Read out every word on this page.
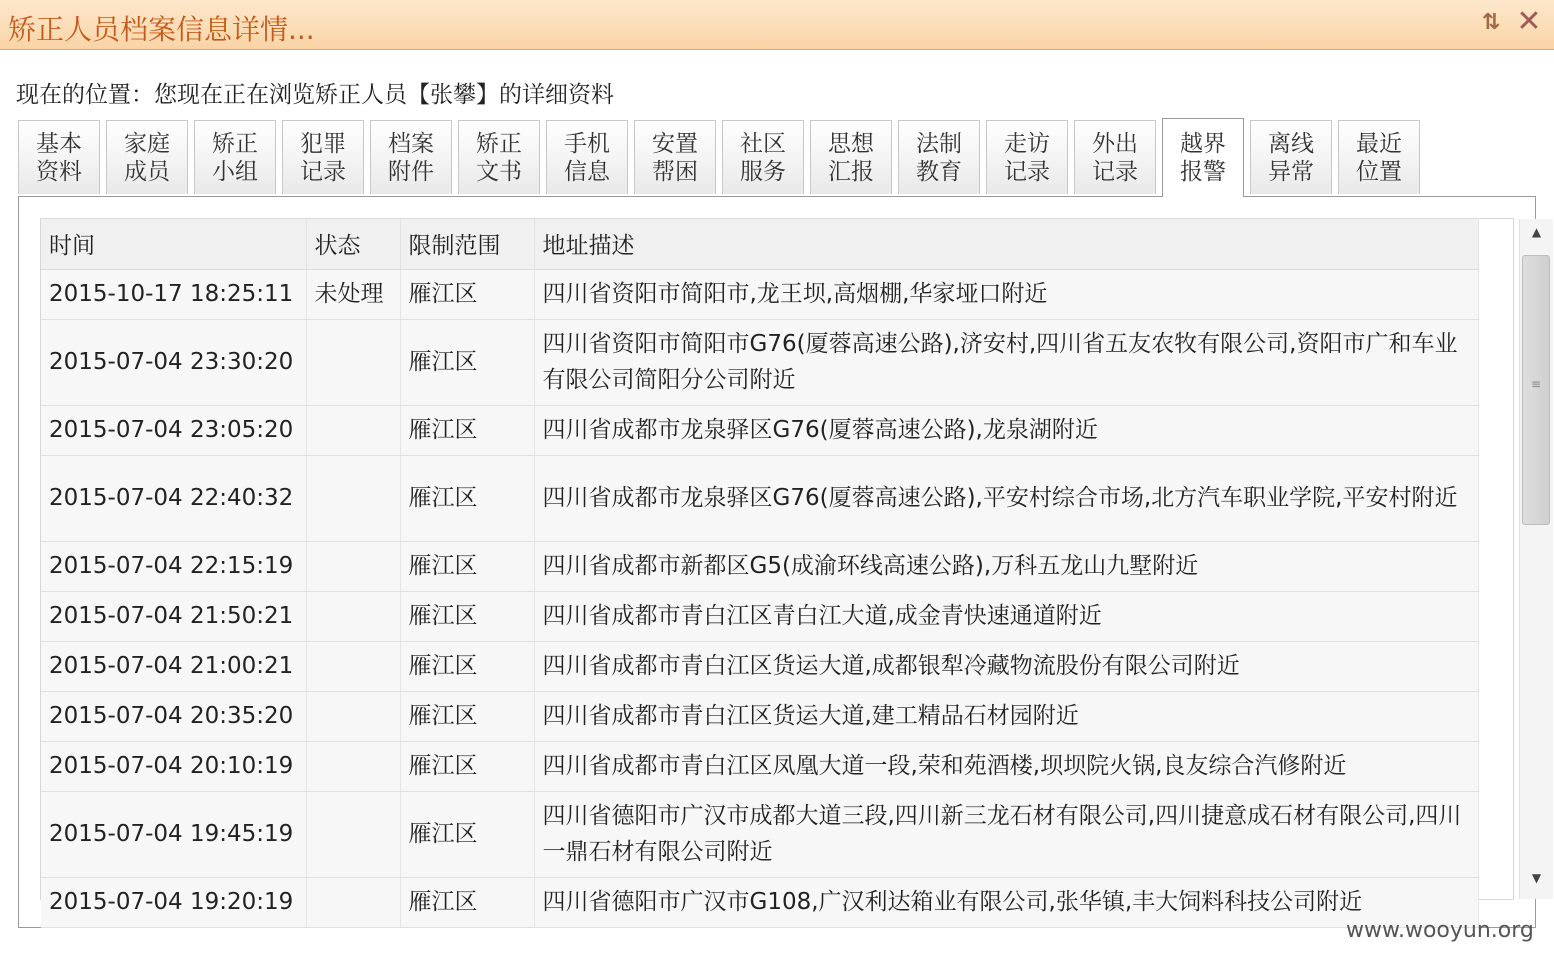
矫正人员档案信息详情...	⇅ ✕
现在的位置：您现在正在浏览矫正人员【张攀】的详细资料
基本
资料
家庭
成员
矫正
小组
犯罪
记录
档案
附件
矫正
文书
手机
信息
安置
帮困
社区
服务
思想
汇报
法制
教育
走访
记录
外出
记录
越界
报警
离线
异常
最近
位置
时间	状态	限制范围	地址描述
2015-10-17 18:25:11	未处理	雁江区	四川省资阳市简阳市,龙王坝,高烟棚,华家垭口附近
2015-07-04 23:30:20		雁江区	四川省资阳市简阳市G76(厦蓉高速公路),济安村,四川省五友农牧有限公司,资阳市广和车业有限公司简阳分公司附近
2015-07-04 23:05:20		雁江区	四川省成都市龙泉驿区G76(厦蓉高速公路),龙泉湖附近
2015-07-04 22:40:32		雁江区	四川省成都市龙泉驿区G76(厦蓉高速公路),平安村综合市场,北方汽车职业学院,平安村附近
2015-07-04 22:15:19		雁江区	四川省成都市新都区G5(成渝环线高速公路),万科五龙山九墅附近
2015-07-04 21:50:21		雁江区	四川省成都市青白江区青白江大道,成金青快速通道附近
2015-07-04 21:00:21		雁江区	四川省成都市青白江区货运大道,成都银犁冷藏物流股份有限公司附近
2015-07-04 20:35:20		雁江区	四川省成都市青白江区货运大道,建工精品石材园附近
2015-07-04 20:10:19		雁江区	四川省成都市青白江区凤凰大道一段,荣和苑酒楼,坝坝院火锅,良友综合汽修附近
2015-07-04 19:45:19		雁江区	四川省德阳市广汉市成都大道三段,四川新三龙石材有限公司,四川捷意成石材有限公司,四川一鼎石材有限公司附近
2015-07-04 19:20:19		雁江区	四川省德阳市广汉市G108,广汉利达箱业有限公司,张华镇,丰大饲料科技公司附近
▲
≡
▼
www.wooyun.org
